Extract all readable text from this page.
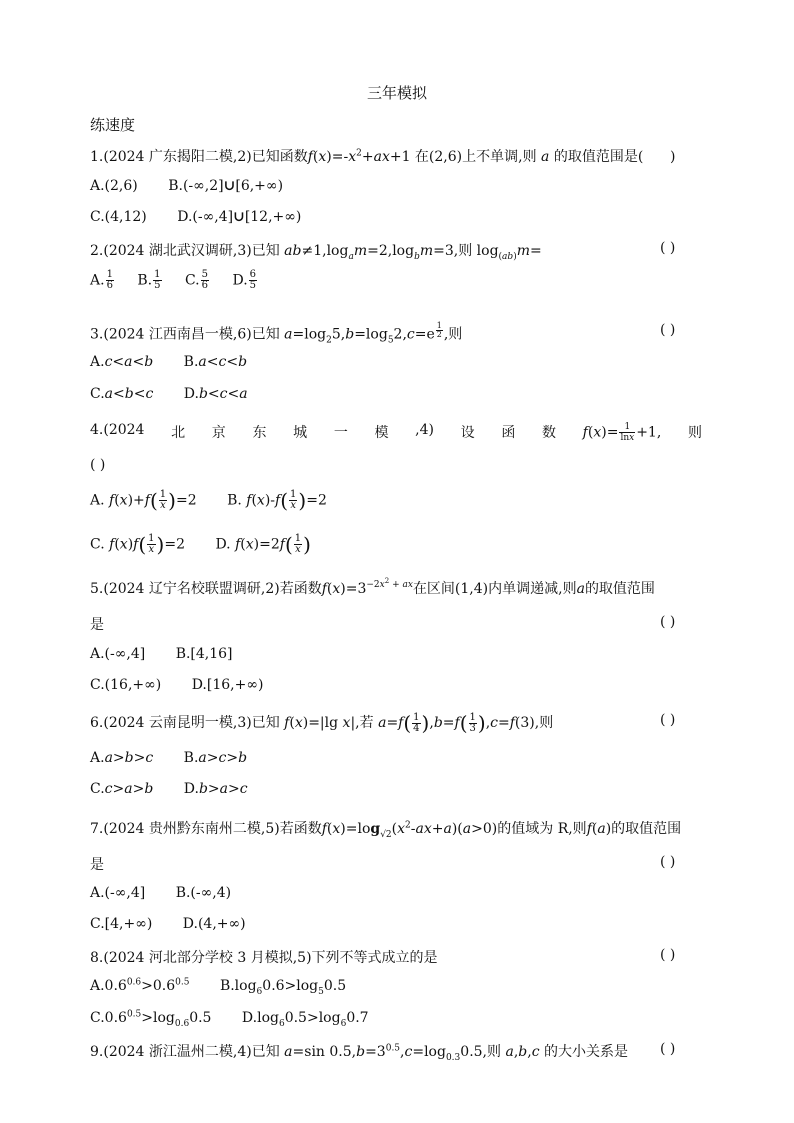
三年模拟
练速度
1.(2024 广东揭阳二模,2)已知函数$f(x)=-x^2+ax+1$ 在(2,6)上不单调,则 a 的取值范围是(      )
A.(2,6) B.(-∞,2]∪[6,+∞)
C.(4,12) D.(-∞,4]∪[12,+∞)
2.(2024 湖北武汉调研,3)已知 $ab\ne 1,\log_am=2,\log_bm=3$,则 $\log_{(ab)}m=$	( )
A. $\frac{1}{6} B$. $\frac{1}{5} C$. $\frac{5}{6} D$. $\frac{6}{5}$
3.(2024 江西南昌一模,6)已知 $a=\log_25,b=\log_52,c=e$ $^{\frac{1}{2}}$ ,则	( )
A.c<a<b B.a<c<b
C.a<b<c D.b<c<a
4.(2024 北 京 东 城 一 模 ,4) 设 函 数 $f(x)= \frac{1}{\ln x} +1$, 则
( )
A. $f(x)+f( \frac{1}{x} )=2$ B. $f(x)-f( \frac{1}{x} )=2$
C. $f(x)f( \frac{1}{x} )=2$ D. $f(x)=2f( \frac{1}{x}$ )
5.(2024 辽宁名校联盟调研,2)若函数$f(x)=3^{-2x^2 + ax}$在区间(1,4)内单调递减,则a的取值范围
是	( )
A.(-∞,4] B.[4,16]
C.(16,+∞) D.[16,+∞)
6.(2024 云南昆明一模,3)已知 f(x)=|lg x|,若 $a=f( \frac{1}{4} ),b=f( \frac{1}{3} ),c=f(3)$,则	( )
A.a>b>c B.a>c>b
C.c>a>b D.b>a>c
7.(2024 贵州黔东南州二模,5)若函数$f(x)=\log_{√2}(x^2-ax+a)(a>0)$的值域为 R,则f(a)的取值范围
是	( )
A.(-∞,4] B.(-∞,4)
C.[4,+∞) D.(4,+∞)
8.(2024 河北部分学校 3 月模拟,5)下列不等式成立的是	( )
$A.0.6^{0.6}>0.6^{0.5}$ $B.\log_60.6>\log_50.5$
$C.0.6^{0.5}>\log_{0.6}0.5$ $D.\log_60.5>\log_60.7$
9.(2024 浙江温州二模,4)已知 a=sin $0.5,b=3^{0.5},c=\log_{0.3}0.5$,则 a,b,c 的大小关系是 ( )
